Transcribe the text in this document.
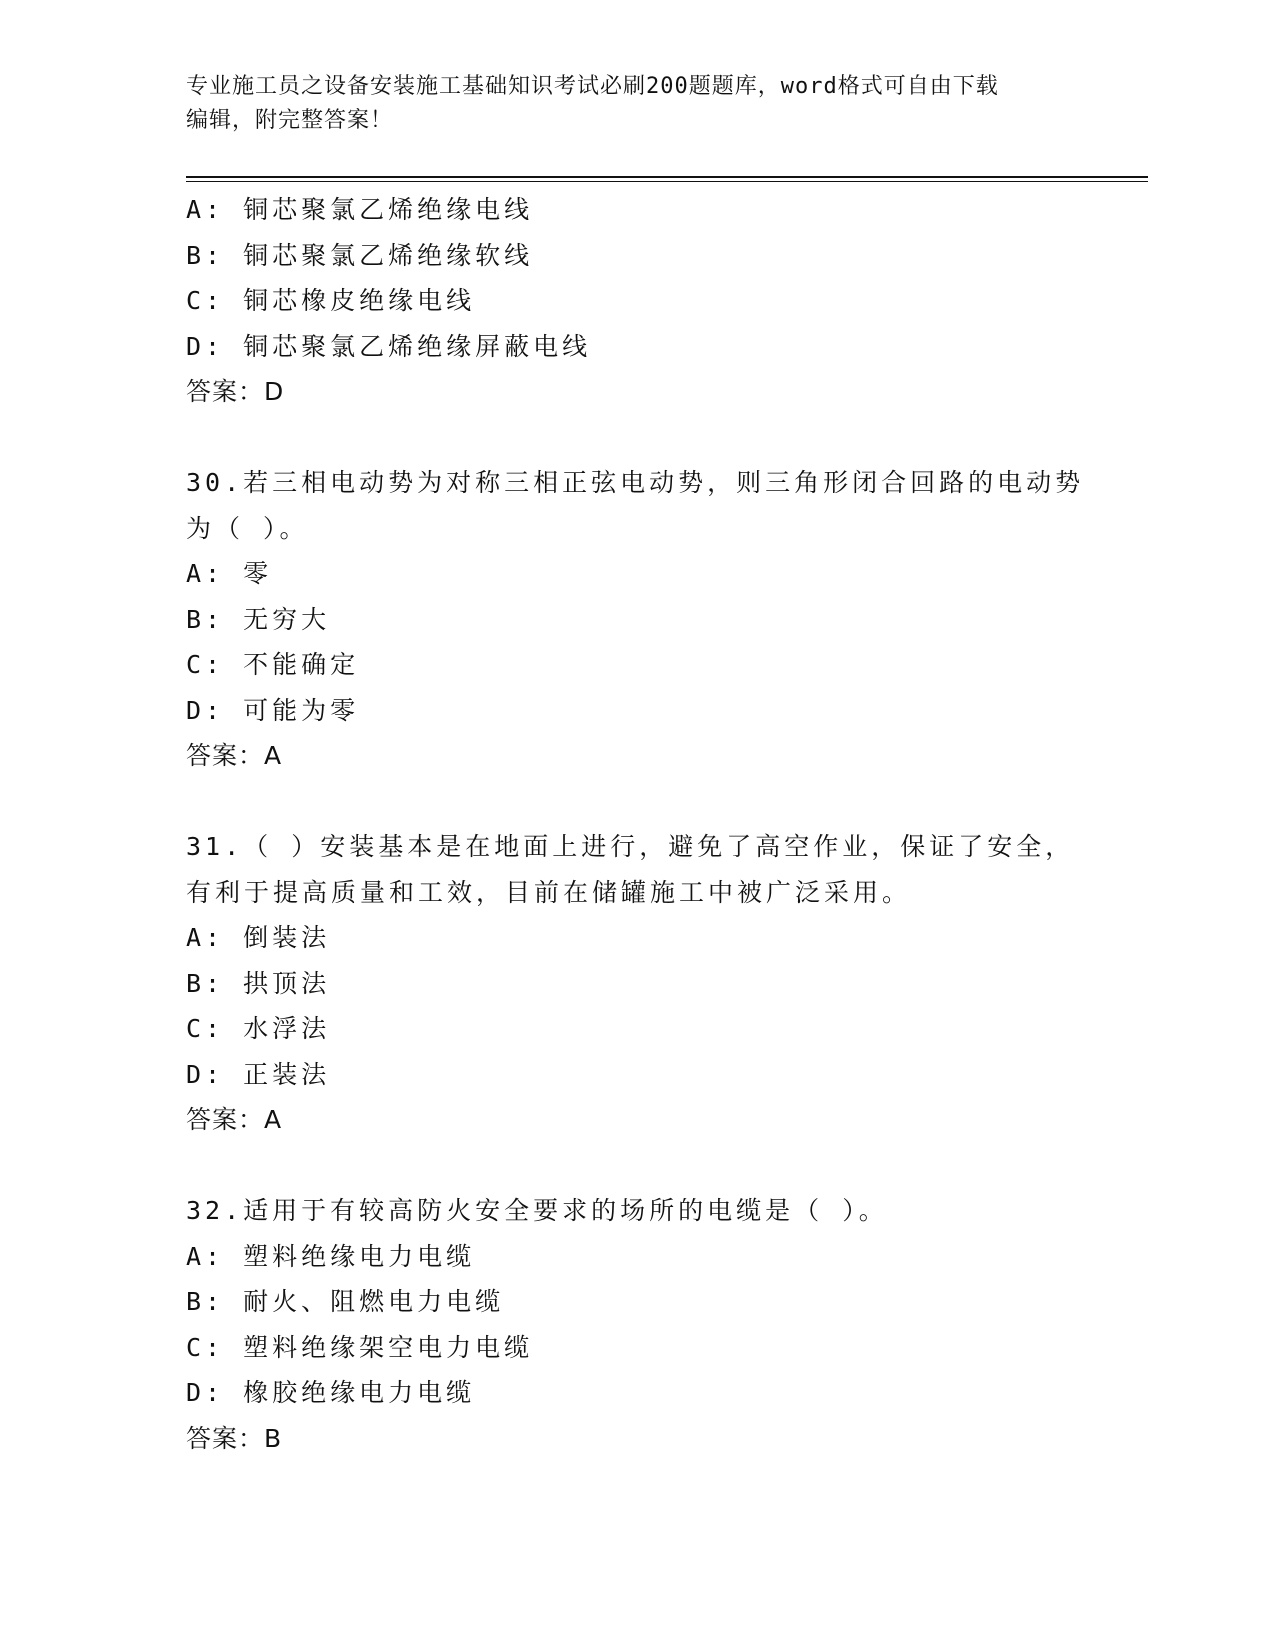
专业施工员之设备安装施工基础知识考试必刷200题题库，word格式可自由下载
编辑，附完整答案！
A: 铜芯聚氯乙烯绝缘电线
B: 铜芯聚氯乙烯绝缘软线
C: 铜芯橡皮绝缘电线
D: 铜芯聚氯乙烯绝缘屏蔽电线
答案：D
30.若三相电动势为对称三相正弦电动势，则三角形闭合回路的电动势
为（ ）。
A: 零
B: 无穷大
C: 不能确定
D: 可能为零
答案：A
31.（ ）安装基本是在地面上进行，避免了高空作业，保证了安全，
有利于提高质量和工效，目前在储罐施工中被广泛采用。
A: 倒装法
B: 拱顶法
C: 水浮法
D: 正装法
答案：A
32.适用于有较高防火安全要求的场所的电缆是（ ）。
A: 塑料绝缘电力电缆
B: 耐火、阻燃电力电缆
C: 塑料绝缘架空电力电缆
D: 橡胶绝缘电力电缆
答案：B
